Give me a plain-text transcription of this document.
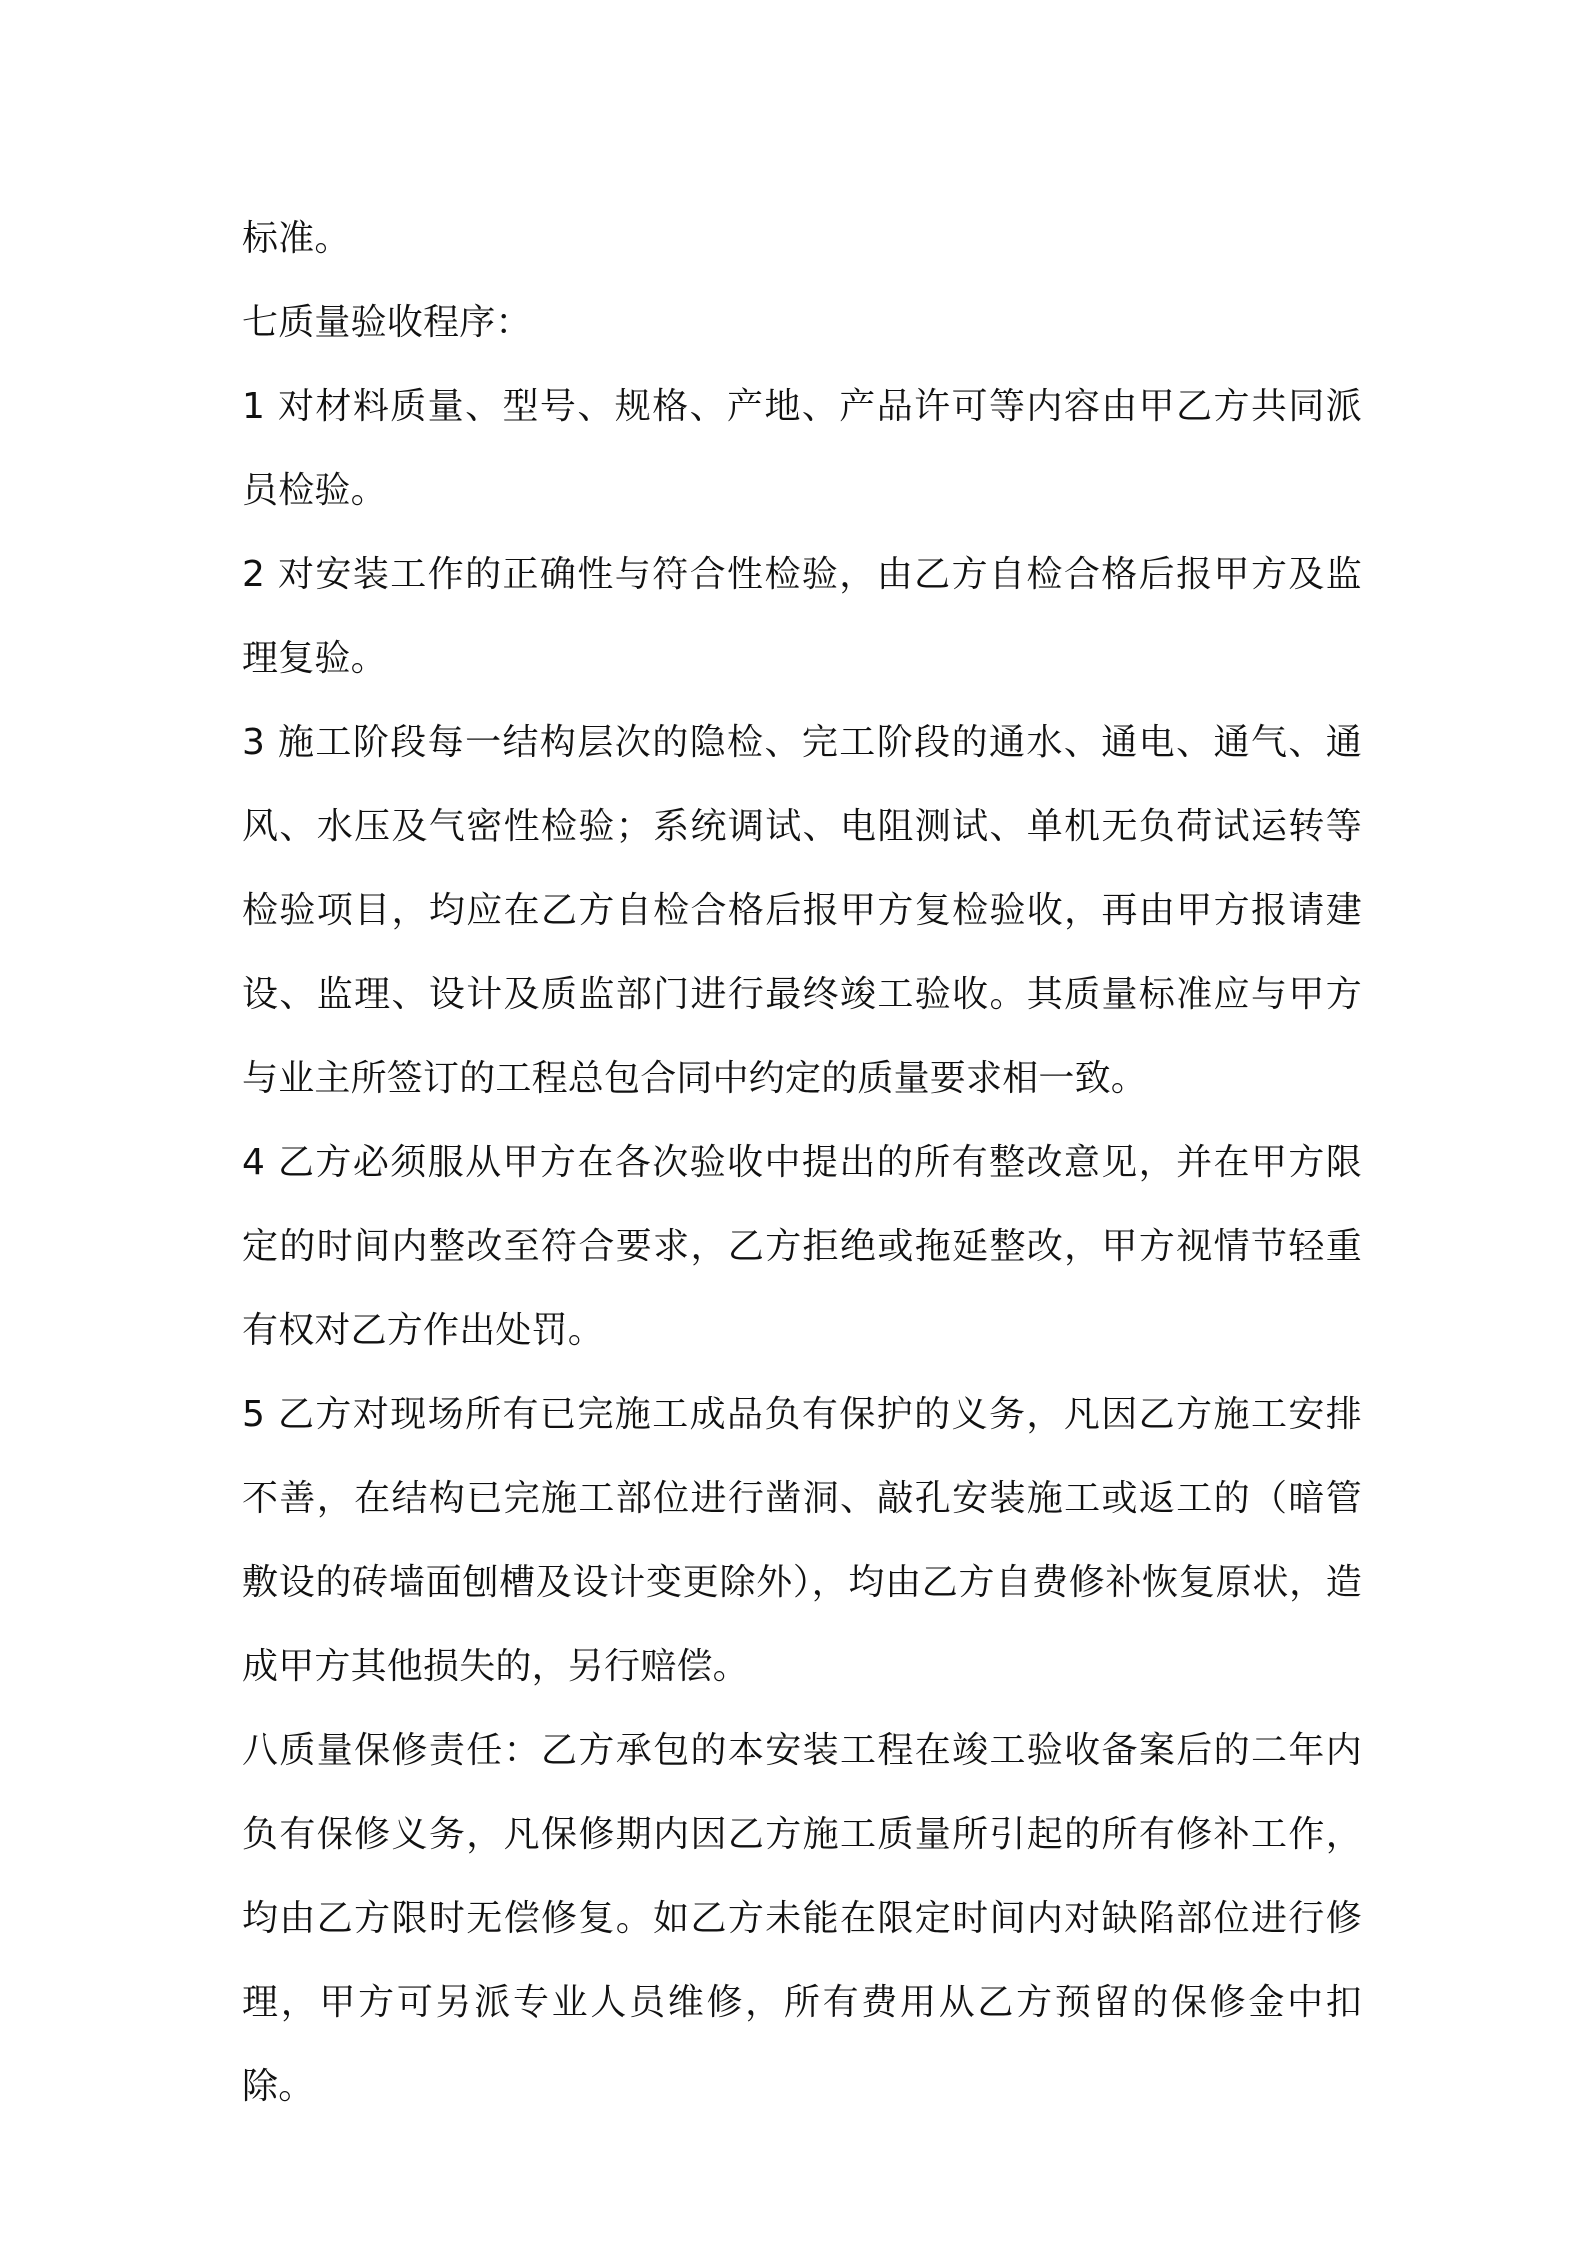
标准。

七质量验收程序：

1 对材料质量、型号、规格、产地、产品许可等内容由甲乙方共同派员检验。

2 对安装工作的正确性与符合性检验，由乙方自检合格后报甲方及监理复验。

3 施工阶段每一结构层次的隐检、完工阶段的通水、通电、通气、通风、水压及气密性检验；系统调试、电阻测试、单机无负荷试运转等检验项目，均应在乙方自检合格后报甲方复检验收，再由甲方报请建设、监理、设计及质监部门进行最终竣工验收。其质量标准应与甲方与业主所签订的工程总包合同中约定的质量要求相一致。

4 乙方必须服从甲方在各次验收中提出的所有整改意见，并在甲方限定的时间内整改至符合要求，乙方拒绝或拖延整改，甲方视情节轻重有权对乙方作出处罚。

5 乙方对现场所有已完施工成品负有保护的义务，凡因乙方施工安排不善，在结构已完施工部位进行凿洞、敲孔安装施工或返工的（暗管敷设的砖墙面刨槽及设计变更除外），均由乙方自费修补恢复原状，造成甲方其他损失的，另行赔偿。

八质量保修责任：乙方承包的本安装工程在竣工验收备案后的二年内负有保修义务，凡保修期内因乙方施工质量所引起的所有修补工作，均由乙方限时无偿修复。如乙方未能在限定时间内对缺陷部位进行修理，甲方可另派专业人员维修，所有费用从乙方预留的保修金中扣除。
